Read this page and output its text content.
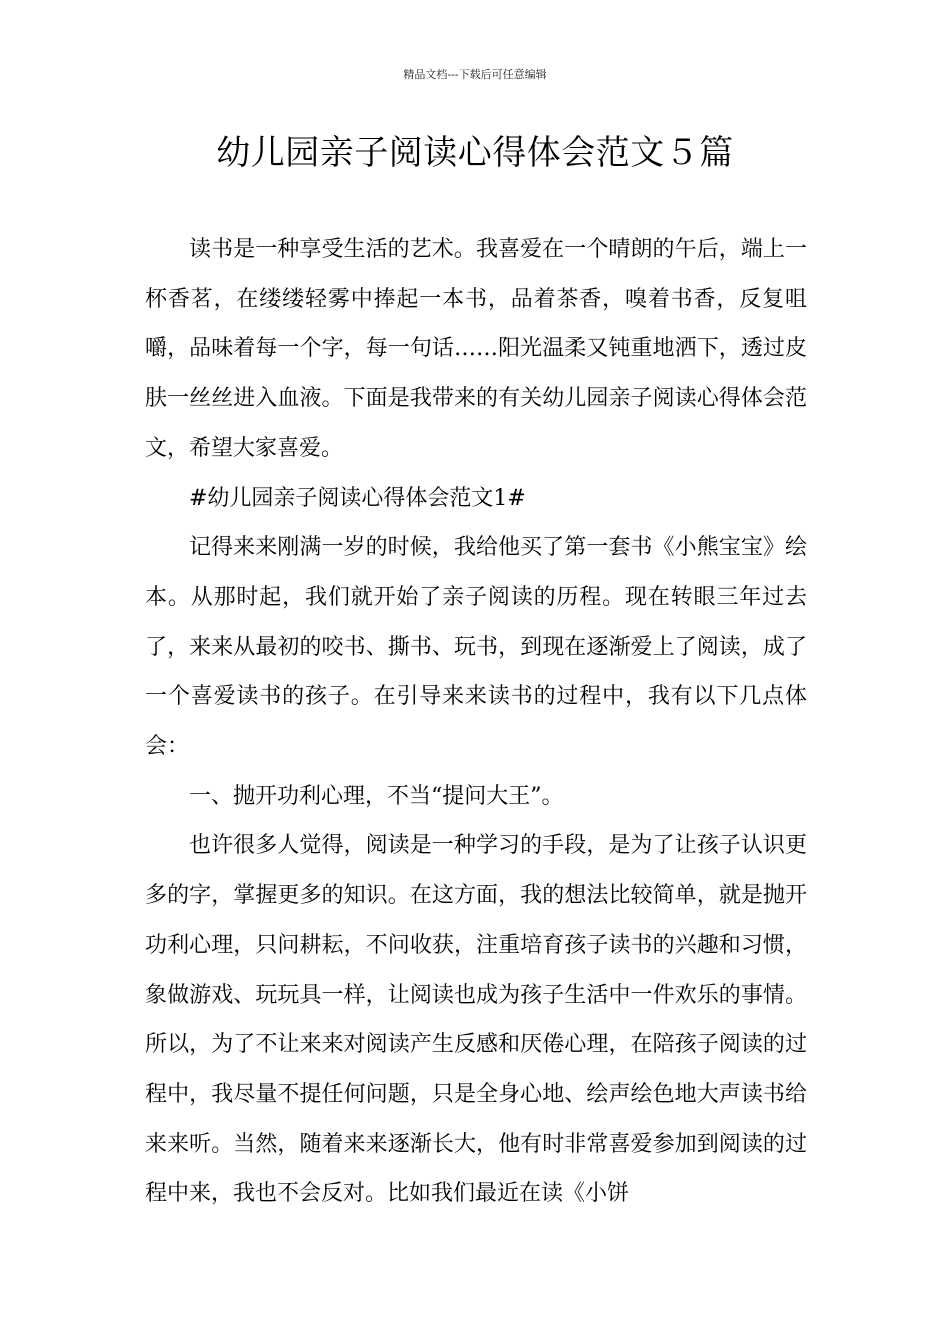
精品文档---下载后可任意编辑
幼儿园亲子阅读心得体会范文５篇

读书是一种享受生活的艺术。我喜爱在一个晴朗的午后，端上一杯香茗，在缕缕轻雾中捧起一本书，品着茶香，嗅着书香，反复咀嚼，品味着每一个字，每一句话……阳光温柔又钝重地洒下，透过皮肤一丝丝进入血液。下面是我带来的有关幼儿园亲子阅读心得体会范文，希望大家喜爱。

#幼儿园亲子阅读心得体会范文1#

记得来来刚满一岁的时候，我给他买了第一套书《小熊宝宝》绘本。从那时起，我们就开始了亲子阅读的历程。现在转眼三年过去了，来来从最初的咬书、撕书、玩书，到现在逐渐爱上了阅读，成了一个喜爱读书的孩子。在引导来来读书的过程中，我有以下几点体会：

一、抛开功利心理，不当“提问大王”。

也许很多人觉得，阅读是一种学习的手段，是为了让孩子认识更多的字，掌握更多的知识。在这方面，我的想法比较简单，就是抛开功利心理，只问耕耘，不问收获，注重培育孩子读书的兴趣和习惯，象做游戏、玩玩具一样，让阅读也成为孩子生活中一件欢乐的事情。所以，为了不让来来对阅读产生反感和厌倦心理，在陪孩子阅读的过程中，我尽量不提任何问题，只是全身心地、绘声绘色地大声读书给来来听。当然，随着来来逐渐长大，他有时非常喜爱参加到阅读的过程中来，我也不会反对。比如我们最近在读《小饼
